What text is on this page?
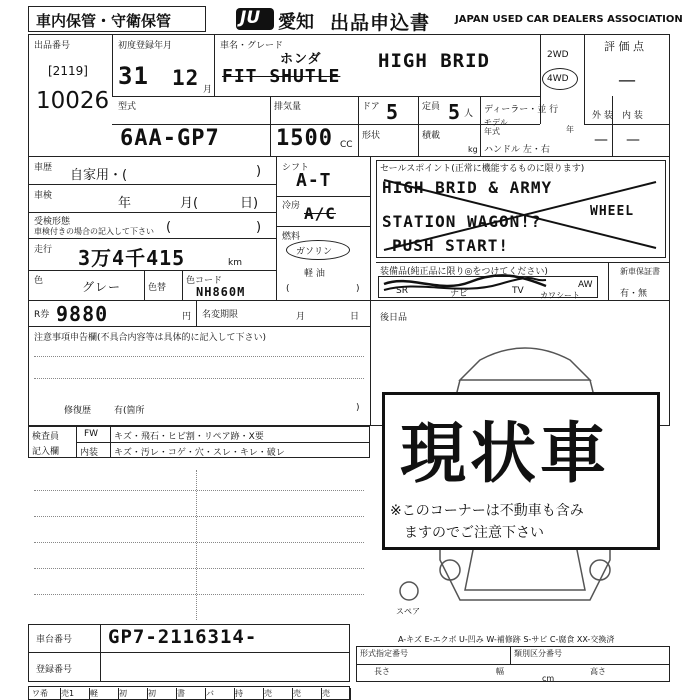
車内保管・守衛保管	JU 愛知 出品申込書 JAPAN USED CAR DEALERS ASSOCIATION
出品番号
[2119]
10026
初度登録年月
31 12 月
車名・グレード
ホンダ
FIT SHUTLE
HIGH BRID	2WD
4WD
評 価 点
—
型式
6AA-GP7
排気量
1500 CC
ドア 5
形状
定員 5 人
積載
kg
ディーラー・並 行
モデル 年式	年
ハンドル 左・右
外 装 内 装
— —
車歴 自家用・(	)
車検	年	月(	日)
受検形態
車検付きの場合の記入して下さい (	)
走行 3万4千415	km
色	グレー	色替
色コード
NH860M
シフト
A-T
冷房 A/C
燃料
ガソリン
軽 油
(	)
セールスポイント(正常に機能するものに限ります)
HIGH BRID & ARMY
WHEEL
STATION WAGON!?
PUSH START!
装備品(純正品に限り◎をつけてください)
SR	ナビ	TV カワシート
AW
新車保証書
有・無
R券 9880	円 名変期限	月	日 後日品
注意事項申告欄(不具合内容等は具体的に記入して下さい)
修復歴	有(箇所	)
スペア
現状車
※このコーナーは不動車も含み
ますのでご注意下さい
検査員
記入欄
FW キズ・飛石・ヒビ割・リペア跡・X要
内装 キズ・汚レ・コゲ・穴・スレ・キレ・破レ
A-キズ E-エクボ U-凹み W-補修跡 S-サビ C-腐食 XX-交換済
車台番号 GP7-2116314-
登録番号
形式指定番号	類別区分番号
長さ	幅	高さ
cm
ワ希	売1	軽	初	初	書	バ	持	売	売	売
